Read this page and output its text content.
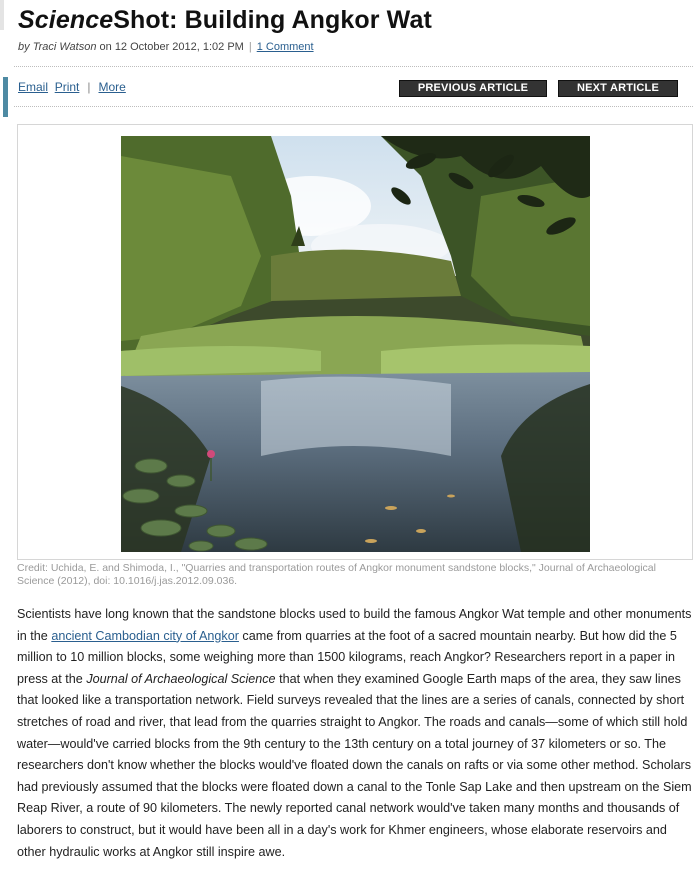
ScienceShot: Building Angkor Wat
by Traci Watson on 12 October 2012, 1:02 PM | 1 Comment
Email Print | More	PREVIOUS ARTICLE	NEXT ARTICLE
Credit: Uchida, E. and Shimoda, I., "Quarries and transportation routes of Angkor monument sandstone blocks," Journal of Archaeological Science (2012), doi: 10.1016/j.jas.2012.09.036.

Scientists have long known that the sandstone blocks used to build the famous Angkor Wat temple and other monuments in the ancient Cambodian city of Angkor came from quarries at the foot of a sacred mountain nearby. But how did the 5 million to 10 million blocks, some weighing more than 1500 kilograms, reach Angkor? Researchers report in a paper in press at the Journal of Archaeological Science that when they examined Google Earth maps of the area, they saw lines that looked like a transportation network. Field surveys revealed that the lines are a series of canals, connected by short stretches of road and river, that lead from the quarries straight to Angkor. The roads and canals—some of which still hold water—would've carried blocks from the 9th century to the 13th century on a total journey of 37 kilometers or so. The researchers don't know whether the blocks would've floated down the canals on rafts or via some other method. Scholars had previously assumed that the blocks were floated down a canal to the Tonle Sap Lake and then upstream on the Siem Reap River, a route of 90 kilometers. The newly reported canal network would've taken many months and thousands of laborers to construct, but it would have been all in a day's work for Khmer engineers, whose elaborate reservoirs and other hydraulic works at Angkor still inspire awe.
